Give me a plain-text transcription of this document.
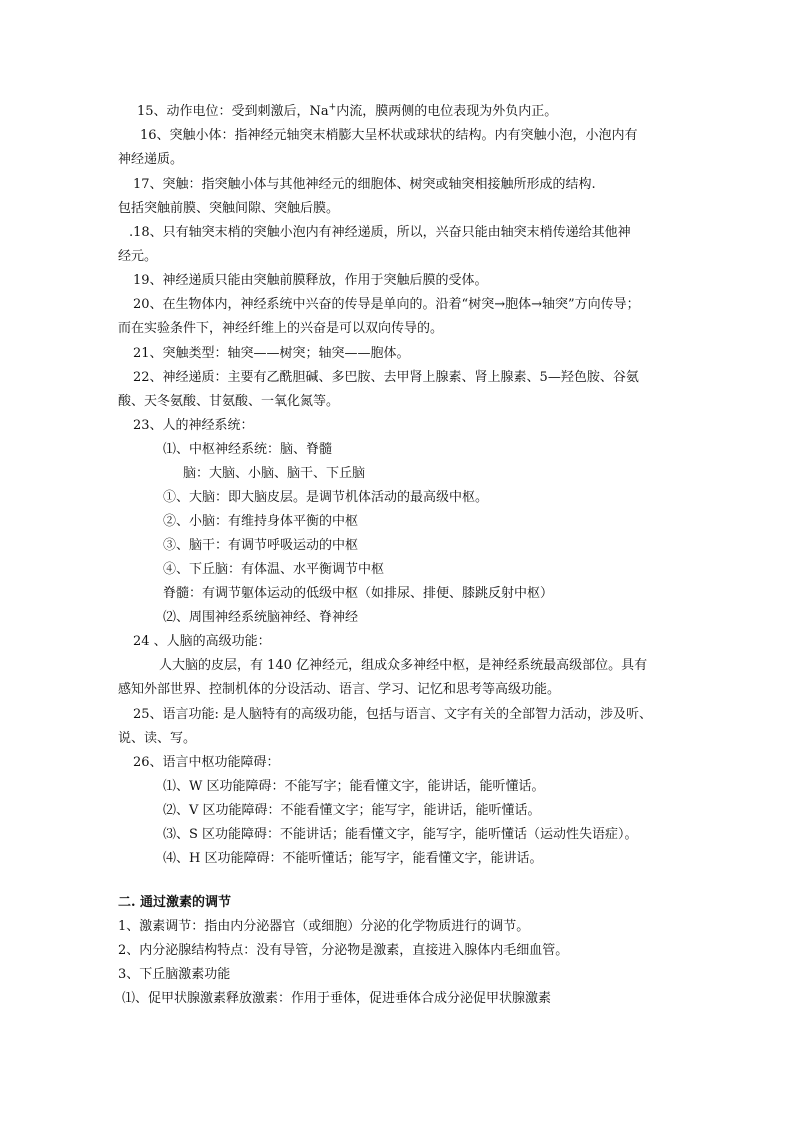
15、动作电位：受到刺激后，Na+内流，膜两侧的电位表现为外负内正。
16、突触小体：指神经元轴突末梢膨大呈杯状或球状的结构。内有突触小泡，小泡内有
神经递质。
17、突触：指突触小体与其他神经元的细胞体、树突或轴突相接触所形成的结构.
包括突触前膜、突触间隙、突触后膜。
.18、只有轴突末梢的突触小泡内有神经递质，所以，兴奋只能由轴突末梢传递给其他神
经元。
19、神经递质只能由突触前膜释放，作用于突触后膜的受体。
20、在生物体内，神经系统中兴奋的传导是单向的。沿着“树突→胞体→轴突”方向传导；
而在实验条件下，神经纤维上的兴奋是可以双向传导的。
21、突触类型：轴突——树突；轴突——胞体。
22、神经递质：主要有乙酰胆碱、多巴胺、去甲肾上腺素、肾上腺素、5—羟色胺、谷氨
酸、天冬氨酸、甘氨酸、一氧化氮等。
23、人的神经系统：
⑴、中枢神经系统：脑、脊髓
脑：大脑、小脑、脑干、下丘脑
①、大脑：即大脑皮层。是调节机体活动的最高级中枢。
②、小脑：有维持身体平衡的中枢
③、脑干：有调节呼吸运动的中枢
④、下丘脑：有体温、水平衡调节中枢
脊髓：有调节躯体运动的低级中枢（如排尿、排便、膝跳反射中枢）
⑵、周围神经系统脑神经、脊神经
24 、人脑的高级功能：
人大脑的皮层，有 140 亿神经元，组成众多神经中枢，是神经系统最高级部位。具有
感知外部世界、控制机体的分设活动、语言、学习、记忆和思考等高级功能。
25、语言功能: 是人脑特有的高级功能，包括与语言、文字有关的全部智力活动，涉及听、
说、读、写。
26、语言中枢功能障碍：
⑴、W 区功能障碍：不能写字；能看懂文字，能讲话，能听懂话。
⑵、V 区功能障碍：不能看懂文字；能写字，能讲话，能听懂话。
⑶、S 区功能障碍：不能讲话；能看懂文字，能写字，能听懂话（运动性失语症）。
⑷、H 区功能障碍：不能听懂话；能写字，能看懂文字，能讲话。
二. 通过激素的调节
1、激素调节：指由内分泌器官（或细胞）分泌的化学物质进行的调节。
2、内分泌腺结构特点：没有导管，分泌物是激素，直接进入腺体内毛细血管。
3、下丘脑激素功能
⑴、促甲状腺激素释放激素：作用于垂体，促进垂体合成分泌促甲状腺激素
